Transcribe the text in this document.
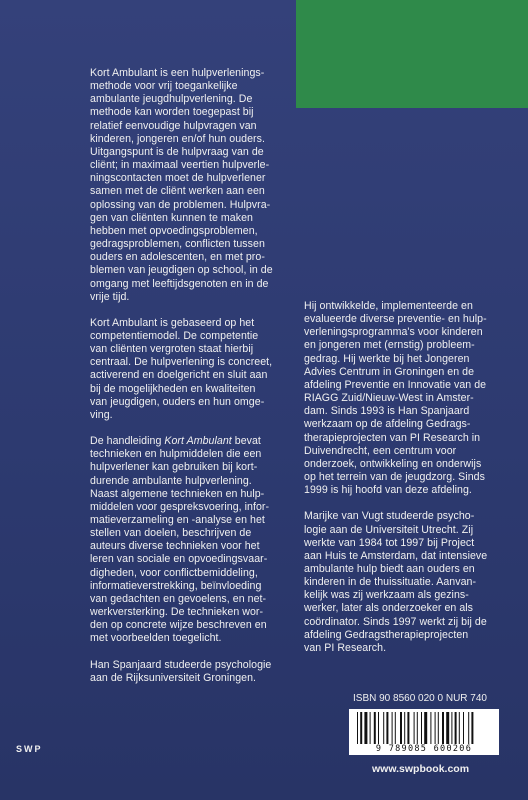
Kort Ambulant is een hulpverlenings-
methode voor vrij toegankelijke
ambulante jeugdhulpverlening. De
methode kan worden toegepast bij
relatief eenvoudige hulpvragen van
kinderen, jongeren en/of hun ouders.
Uitgangspunt is de hulpvraag van de
cliënt; in maximaal veertien hulpverle-
ningscontacten moet de hulpverlener
samen met de cliënt werken aan een
oplossing van de problemen. Hulpvra-
gen van cliënten kunnen te maken
hebben met opvoedingsproblemen,
gedragsproblemen, conflicten tussen
ouders en adolescenten, en met pro-
blemen van jeugdigen op school, in de
omgang met leeftijdsgenoten en in de
vrije tijd.

Kort Ambulant is gebaseerd op het
competentiemodel. De competentie
van cliënten vergroten staat hierbij
centraal. De hulpverlening is concreet,
activerend en doelgericht en sluit aan
bij de mogelijkheden en kwaliteiten
van jeugdigen, ouders en hun omge-
ving.

De handleiding Kort Ambulant bevat
technieken en hulpmiddelen die een
hulpverlener kan gebruiken bij kort-
durende ambulante hulpverlening.
Naast algemene technieken en hulp-
middelen voor gespreksvoering, infor-
matieverzameling en -analyse en het
stellen van doelen, beschrijven de
auteurs diverse technieken voor het
leren van sociale en opvoedingsvaar-
digheden, voor conflictbemiddeling,
informatieverstrekking, beïnvloeding
van gedachten en gevoelens, en net-
werkversterking. De technieken wor-
den op concrete wijze beschreven en
met voorbeelden toegelicht.

Han Spanjaard studeerde psychologie
aan de Rijksuniversiteit Groningen.

Hij ontwikkelde, implementeerde en
evalueerde diverse preventie- en hulp-
verleningsprogramma's voor kinderen
en jongeren met (ernstig) probleem-
gedrag. Hij werkte bij het Jongeren
Advies Centrum in Groningen en de
afdeling Preventie en Innovatie van de
RIAGG Zuid/Nieuw-West in Amster-
dam. Sinds 1993 is Han Spanjaard
werkzaam op de afdeling Gedrags-
therapieprojecten van PI Research in
Duivendrecht, een centrum voor
onderzoek, ontwikkeling en onderwijs
op het terrein van de jeugdzorg. Sinds
1999 is hij hoofd van deze afdeling.

Marijke van Vugt studeerde psycho-
logie aan de Universiteit Utrecht. Zij
werkte van 1984 tot 1997 bij Project
aan Huis te Amsterdam, dat intensieve
ambulante hulp biedt aan ouders en
kinderen in de thuissituatie. Aanvan-
kelijk was zij werkzaam als gezins-
werker, later als onderzoeker en als
coördinator. Sinds 1997 werkt zij bij de
afdeling Gedragstherapieprojecten
van PI Research.

ISBN 90 8560 020 0 NUR 740
9 789085 600206
www.swpbook.com
SWP
